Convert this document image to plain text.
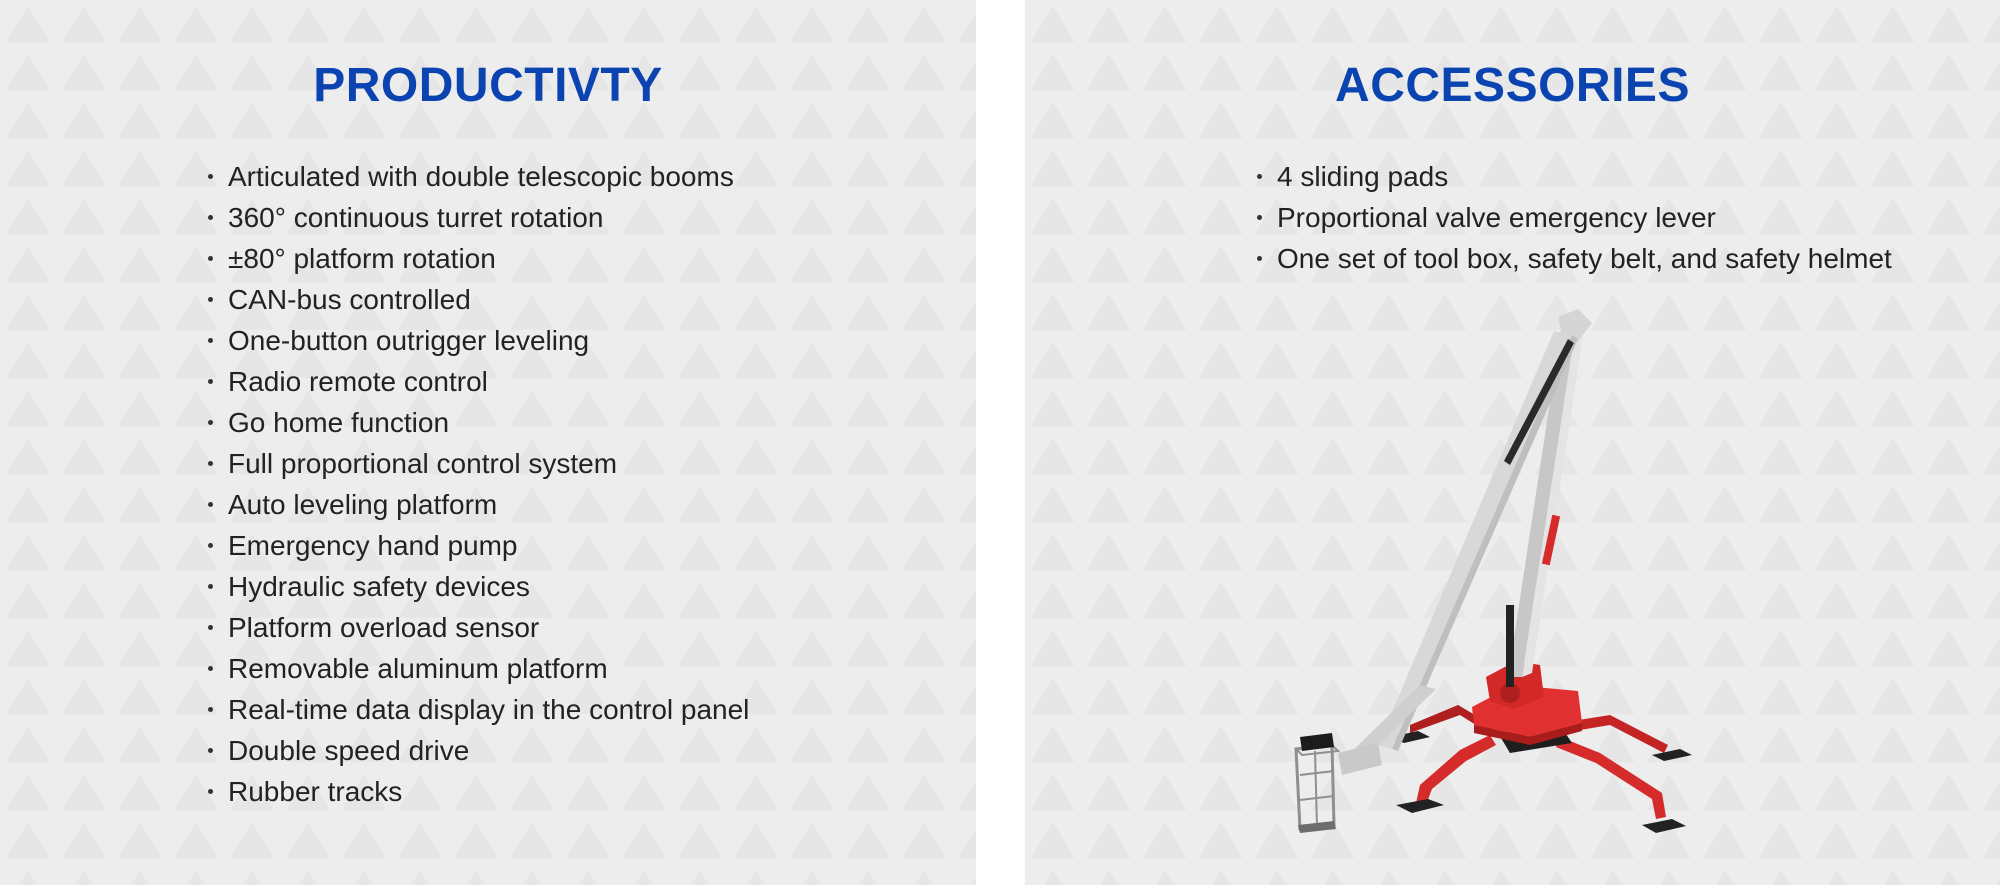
PRODUCTIVTY
Articulated with double telescopic booms
360° continuous turret rotation
±80° platform rotation
CAN-bus controlled
One-button outrigger leveling
Radio remote control
Go home function
Full proportional control system
Auto leveling platform
Emergency hand pump
Hydraulic safety devices
Platform overload sensor
Removable aluminum platform
Real-time data display in the control panel
Double speed drive
Rubber tracks
ACCESSORIES
4 sliding pads
Proportional valve emergency lever
One set of tool box, safety belt, and safety helmet
